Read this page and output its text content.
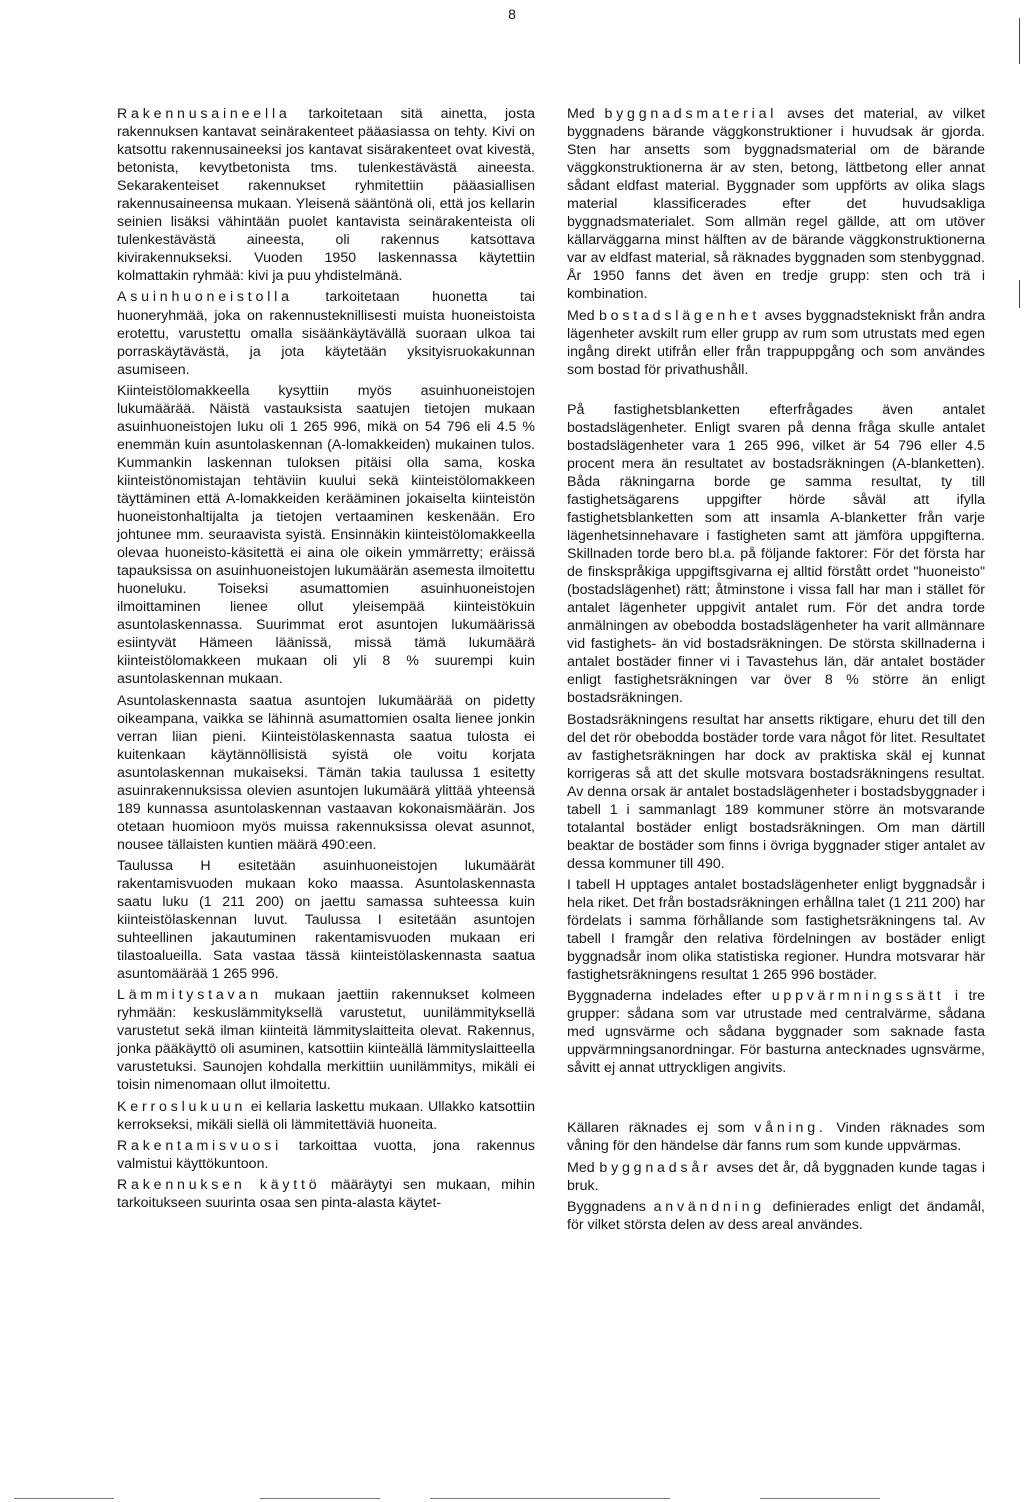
8

Rakennusaineella tarkoitetaan sitä ainetta, josta rakennuksen kantavat seinärakenteet pääasiassa on tehty. Kivi on katsottu rakennusaineeksi jos kantavat sisärakenteet ovat kivestä, betonista, kevytbetonista tms. tulenkestävästä aineesta. Sekarakenteiset rakennukset ryhmitettiin pääasiallisen rakennusaineensa mukaan. Yleisenä sääntönä oli, että jos kellarin seinien lisäksi vähintään puolet kantavista seinärakenteista oli tulenkestävästä aineesta, oli rakennus katsottava kivirakennukseksi. Vuoden 1950 laskennassa käytettiin kolmattakin ryhmää: kivi ja puu yhdistelmänä.

Asuinhuoneistolla tarkoitetaan huonetta tai huoneryhmää, joka on rakennusteknillisesti muista huoneistoista erotettu, varustettu omalla sisäänkäytävällä suoraan ulkoa tai porraskäytävästä, ja jota käytetään yksityisruokakunnan asumiseen.

Kiinteistölomakkeella kysyttiin myös asuinhuoneistojen lukumäärää. Näistä vastauksista saatujen tietojen mukaan asuinhuoneistojen luku oli 1 265 996, mikä on 54 796 eli 4.5 % enemmän kuin asuntolaskennan (A-lomakkeiden) mukainen tulos. Kummankin laskennan tuloksen pitäisi olla sama, koska kiinteistönomistajan tehtäviin kuului sekä kiinteistölomakkeen täyttäminen että A-lomakkeiden kerääminen jokaiselta kiinteistön huoneistonhaltijalta ja tietojen vertaaminen keskenään. Ero johtunee mm. seuraavista syistä. Ensinnäkin kiinteistölomakkeella olevaa huoneisto-käsitettä ei aina ole oikein ymmärretty; eräissä tapauksissa on asuinhuoneistojen lukumäärän asemesta ilmoitettu huoneluku. Toiseksi asumattomien asuinhuoneistojen ilmoittaminen lienee ollut yleisempää kiinteistökuin asuntolaskennassa. Suurimmat erot asuntojen lukumäärissä esiintyvät Hämeen läänissä, missä tämä lukumäärä kiinteistölomakkeen mukaan oli yli 8 % suurempi kuin asuntolaskennan mukaan.

Asuntolaskennasta saatua asuntojen lukumäärää on pidetty oikeampana, vaikka se lähinnä asumattomien osalta lienee jonkin verran liian pieni. Kiinteistölaskennasta saatua tulosta ei kuitenkaan käytännöllisistä syistä ole voitu korjata asuntolaskennan mukaiseksi. Tämän takia taulussa 1 esitetty asuinrakennuksissa olevien asuntojen lukumäärä ylittää yhteensä 189 kunnassa asuntolaskennan vastaavan kokonaismäärän. Jos otetaan huomioon myös muissa rakennuksissa olevat asunnot, nousee tällaisten kuntien määrä 490:een.

Taulussa H esitetään asuinhuoneistojen lukumäärät rakentamisvuoden mukaan koko maassa. Asuntolaskennasta saatu luku (1 211 200) on jaettu samassa suhteessa kuin kiinteistölaskennan luvut. Taulussa I esitetään asuntojen suhteellinen jakautuminen rakentamisvuoden mukaan eri tilastoalueilla. Sata vastaa tässä kiinteistölaskennasta saatua asuntomäärää 1 265 996.

Lämmitystavan mukaan jaettiin rakennukset kolmeen ryhmään: keskuslämmityksellä varustetut, uunilämmityksellä varustetut sekä ilman kiinteitä lämmityslaitteita olevat. Rakennus, jonka pääkäyttö oli asuminen, katsottiin kiinteällä lämmityslaitteella varustetuksi. Saunojen kohdalla merkittiin uunilämmitys, mikäli ei toisin nimenomaan ollut ilmoitettu.

Kerroslukuun ei kellaria laskettu mukaan. Ullakko katsottiin kerrokseksi, mikäli siellä oli lämmitettäviä huoneita.

Rakentamisvuosi tarkoittaa vuotta, jona rakennus valmistui käyttökuntoon.

Rakennuksen käyttö määräytyi sen mukaan, mihin tarkoitukseen suurinta osaa sen pinta-alasta käytet-

Med byggnadsmaterial avses det material, av vilket byggnadens bärande väggkonstruktioner i huvudsak är gjorda. Sten har ansetts som byggnadsmaterial om de bärande väggkonstruktionerna är av sten, betong, lättbetong eller annat sådant eldfast material. Byggnader som uppförts av olika slags material klassificerades efter det huvudsakliga byggnadsmaterialet. Som allmän regel gällde, att om utöver källarväggarna minst hälften av de bärande väggkonstruktionerna var av eldfast material, så räknades byggnaden som stenbyggnad. År 1950 fanns det även en tredje grupp: sten och trä i kombination.

Med bostadslägenhet avses byggnadstekniskt från andra lägenheter avskilt rum eller grupp av rum som utrustats med egen ingång direkt utifrån eller från trappuppgång och som användes som bostad för privathushåll.

På fastighetsblanketten efterfrågades även antalet bostadslägenheter. Enligt svaren på denna fråga skulle antalet bostadslägenheter vara 1 265 996, vilket är 54 796 eller 4.5 procent mera än resultatet av bostadsräkningen (A-blanketten). Båda räkningarna borde ge samma resultat, ty till fastighetsägarens uppgifter hörde såväl att ifylla fastighetsblanketten som att insamla A-blanketter från varje lägenhetsinnehavare i fastigheten samt att jämföra uppgifterna. Skillnaden torde bero bl.a. på följande faktorer: För det första har de finskspråkiga uppgiftsgivarna ej alltid förstått ordet "huoneisto" (bostadslägenhet) rätt; åtminstone i vissa fall har man i stället för antalet lägenheter uppgivit antalet rum. För det andra torde anmälningen av obebodda bostadslägenheter ha varit allmännare vid fastighets- än vid bostadsräkningen. De största skillnaderna i antalet bostäder finner vi i Tavastehus län, där antalet bostäder enligt fastighetsräkningen var över 8 % större än enligt bostadsräkningen.

Bostadsräkningens resultat har ansetts riktigare, ehuru det till den del det rör obebodda bostäder torde vara något för litet. Resultatet av fastighetsräkningen har dock av praktiska skäl ej kunnat korrigeras så att det skulle motsvara bostadsräkningens resultat. Av denna orsak är antalet bostadslägenheter i bostadsbyggnader i tabell 1 i sammanlagt 189 kommuner större än motsvarande totalantal bostäder enligt bostadsräkningen. Om man därtill beaktar de bostäder som finns i övriga byggnader stiger antalet av dessa kommuner till 490.

I tabell H upptages antalet bostadslägenheter enligt byggnadsår i hela riket. Det från bostadsräkningen erhållna talet (1 211 200) har fördelats i samma förhållande som fastighetsräkningens tal. Av tabell I framgår den relativa fördelningen av bostäder enligt byggnadsår inom olika statistiska regioner. Hundra motsvarar här fastighetsräkningens resultat 1 265 996 bostäder.

Byggnaderna indelades efter uppvärmningssätt i tre grupper: sådana som var utrustade med centralvärme, sådana med ugnsvärme och sådana byggnader som saknade fasta uppvärmningsanordningar. För basturna antecknades ugnsvärme, såvitt ej annat uttryckligen angivits.

Källaren räknades ej som våning. Vinden räknades som våning för den händelse där fanns rum som kunde uppvärmas.

Med byggnadsår avses det år, då byggnaden kunde tagas i bruk.

Byggnadens användning definierades enligt det ändamål, för vilket största delen av dess areal användes.
